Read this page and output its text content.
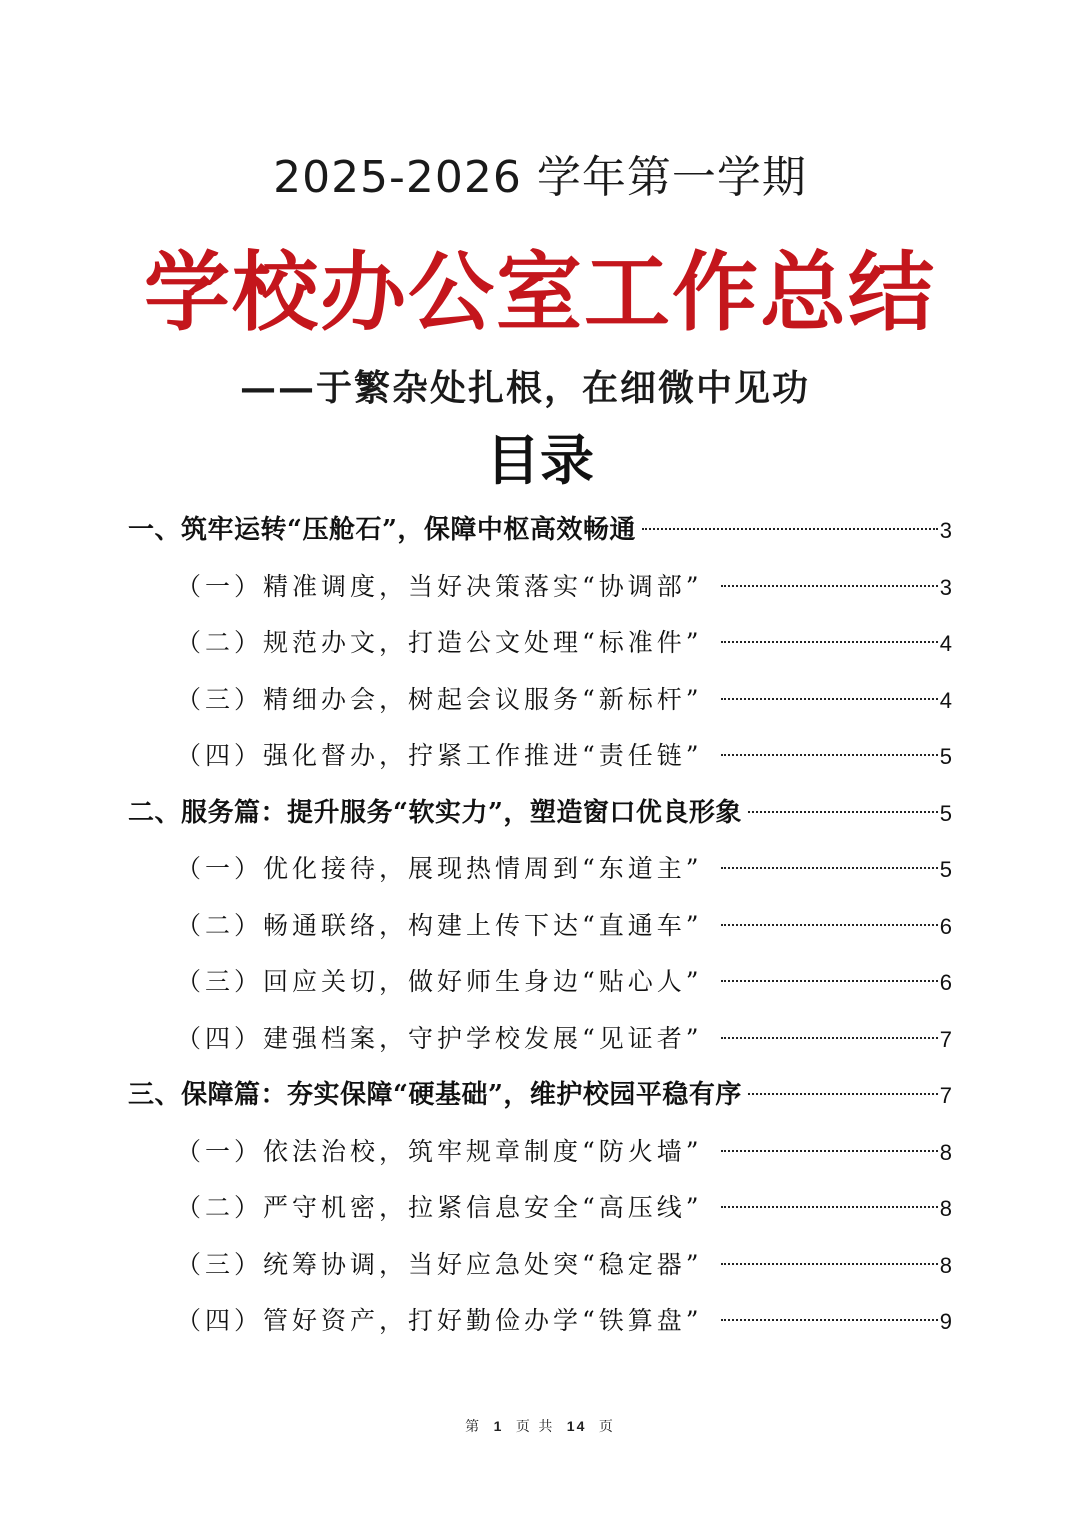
2025-2026 学年第一学期
学校办公室工作总结
——于繁杂处扎根，在细微中见功
目录
一、筑牢运转“压舱石”，保障中枢高效畅通	3
（一）精准调度，当好决策落实“协调部”	3
（二）规范办文，打造公文处理“标准件”	4
（三）精细办会，树起会议服务“新标杆”	4
（四）强化督办，拧紧工作推进“责任链”	5
二、服务篇：提升服务“软实力”，塑造窗口优良形象	5
（一）优化接待，展现热情周到“东道主”	5
（二）畅通联络，构建上传下达“直通车”	6
（三）回应关切，做好师生身边“贴心人”	6
（四）建强档案，守护学校发展“见证者”	7
三、保障篇：夯实保障“硬基础”，维护校园平稳有序	7
（一）依法治校，筑牢规章制度“防火墙”	8
（二）严守机密，拉紧信息安全“高压线”	8
（三）统筹协调，当好应急处突“稳定器”	8
（四）管好资产，打好勤俭办学“铁算盘”	9
第 1 页 共 14 页
